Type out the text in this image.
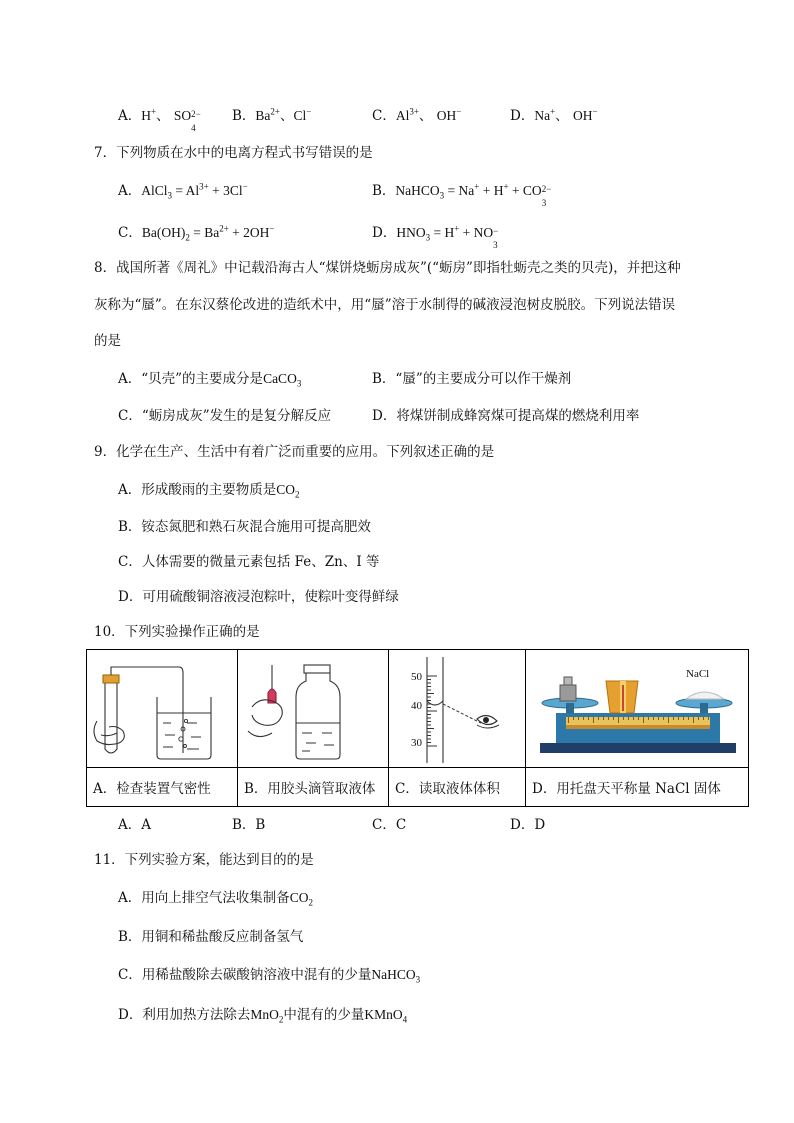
A．H+、 SO 2−
4
B．$Ba^{2+}$、Cl−	C．$Al^{3+}$、 OH−	D．Na+、 OH−
7．下列物质在水中的电离方程式书写错误的是
A．AlCl$_3$ = $Al^{3+} + 3Cl^-$	B．NaHCO$_3$ = Na+ + H+ + CO 2−
3
C．$Ba(OH)_2 = Ba^{2+} + 2OH^-$	D．$HNO_3 = H^+$ + NO −
3
8．战国所著《周礼》中记载沿海古人“煤饼烧蛎房成灰”(“蛎房”即指牡蛎壳之类的贝壳)，并把这种
灰称为“蜃”。在东汉蔡伦改进的造纸术中，用“蜃”溶于水制得的碱液浸泡树皮脱胶。下列说法错误
的是
A．“贝壳”的主要成分是CaCO$_3$	B．“蜃”的主要成分可以作干燥剂
C．“蛎房成灰”发生的是复分解反应	D．将煤饼制成蜂窝煤可提高煤的燃烧利用率
9．化学在生产、生活中有着广泛而重要的应用。下列叙述正确的是
A．形成酸雨的主要物质是$CO_2$
B．铵态氮肥和熟石灰混合施用可提高肥效
C．人体需要的微量元素包括 Fe、Zn、I 等
D．可用硫酸铜溶液浸泡粽叶，使粽叶变得鲜绿
10．下列实验操作正确的是

50
40
30	NaCl

A．检查装置气密性	B．用胶头滴管取液体	C．读取液体体积	D．用托盘天平称量 NaCl 固体
A．A	B．B	C．C	D．D
11．下列实验方案，能达到目的的是
A．用向上排空气法收集制备$CO_2$
B．用铜和稀盐酸反应制备氢气
C．用稀盐酸除去碳酸钠溶液中混有的少量NaHCO$_3$
D．利用加热方法除去MnO$_2$中混有的少量KMnO$_4$
